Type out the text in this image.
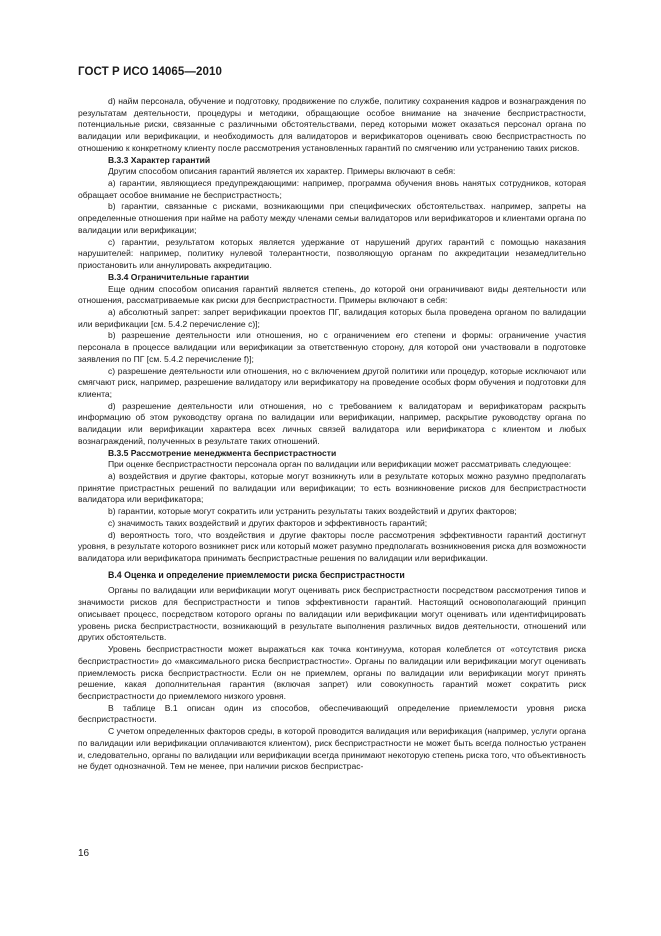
ГОСТ Р ИСО 14065—2010

d) найм персонала, обучение и подготовку, продвижение по службе, политику сохранения кадров и вознаграждения по результатам деятельности, процедуры и методики, обращающие особое внимание на значение беспристрастности, потенциальные риски, связанные с различными обстоятельствами, перед которыми может оказаться персонал органа по валидации или верификации, и необходимость для валидаторов и верификаторов оценивать свою беспристрастность по отношению к конкретному клиенту после рассмотрения установленных гарантий по смягчению или устранению таких рисков.

B.3.3 Характер гарантий

Другим способом описания гарантий является их характер. Примеры включают в себя:

a) гарантии, являющиеся предупреждающими: например, программа обучения вновь нанятых сотрудников, которая обращает особое внимание не беспристрастность;

b) гарантии, связанные с рисками, возникающими при специфических обстоятельствах. например, запреты на определенные отношения при найме на работу между членами семьи валидаторов или верификаторов и клиентами органа по валидации или верификации;

c) гарантии, результатом которых является удержание от нарушений других гарантий с помощью наказания нарушителей: например, политику нулевой толерантности, позволяющую органам по аккредитации незамедлительно приостановить или аннулировать аккредитацию.

B.3.4 Ограничительные гарантии

Еще одним способом описания гарантий является степень, до которой они ограничивают виды деятельности или отношения, рассматриваемые как риски для беспристрастности. Примеры включают в себя:

a) абсолютный запрет: запрет верификации проектов ПГ, валидация которых была проведена органом по валидации или верификации [см. 5.4.2 перечисление c)];

b) разрешение деятельности или отношения, но с ограничением его степени и формы: ограничение участия персонала в процессе валидации или верификации за ответственную сторону, для которой они участвовали в подготовке заявления по ПГ [см. 5.4.2 перечисление f)];

c) разрешение деятельности или отношения, но с включением другой политики или процедур, которые исключают или смягчают риск, например, разрешение валидатору или верификатору на проведение особых форм обучения и подготовки для клиента;

d) разрешение деятельности или отношения, но с требованием к валидаторам и верификаторам раскрыть информацию об этом руководству органа по валидации или верификации, например, раскрытие руководству органа по валидации или верификации характера всех личных связей валидатора или верификатора с клиентом и любых вознаграждений, полученных в результате таких отношений.

B.3.5 Рассмотрение менеджмента беспристрастности

При оценке беспристрастности персонала орган по валидации или верификации может рассматривать следующее:

a) воздействия и другие факторы, которые могут возникнуть или в результате которых можно разумно предполагать принятие пристрастных решений по валидации или верификации; то есть возникновение рисков для беспристрастности валидатора или верификатора;

b) гарантии, которые могут сократить или устранить результаты таких воздействий и других факторов;

c) значимость таких воздействий и других факторов и эффективность гарантий;

d) вероятность того, что воздействия и другие факторы после рассмотрения эффективности гарантий достигнут уровня, в результате которого возникнет риск или который может разумно предполагать возникновения риска для возможности валидатора или верификатора принимать беспристрастные решения по валидации или верификации.

B.4 Оценка и определение приемлемости риска беспристрастности

Органы по валидации или верификации могут оценивать риск беспристрастности посредством рассмотрения типов и значимости рисков для беспристрастности и типов эффективности гарантий. Настоящий основополагающий принцип описывает процесс, посредством которого органы по валидации или верификации могут оценивать или идентифицировать уровень риска беспристрастности, возникающий в результате выполнения различных видов деятельности, отношений или других обстоятельств.

Уровень беспристрастности может выражаться как точка континуума, которая колеблется от «отсутствия риска беспристрастности» до «максимального риска беспристрастности». Органы по валидации или верификации могут оценивать приемлемость риска беспристрастности. Если он не приемлем, органы по валидации или верификации могут принять решение, какая дополнительная гарантия (включая запрет) или совокупность гарантий может сократить риск беспристрастности до приемлемого низкого уровня.

В таблице B.1 описан один из способов, обеспечивающий определение приемлемости уровня риска беспристрастности.

С учетом определенных факторов среды, в которой проводится валидация или верификация (например, услуги органа по валидации или верификации оплачиваются клиентом), риск беспристрастности не может быть всегда полностью устранен и, следовательно, органы по валидации или верификации всегда принимают некоторую степень риска того, что объективность не будет однозначной. Тем не менее, при наличии рисков беспристрас-

16
